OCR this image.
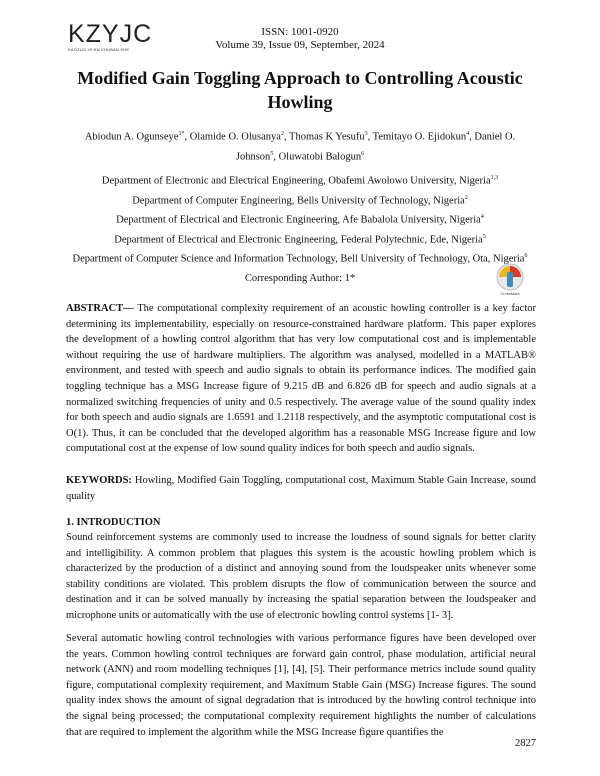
KZYJC
KAOZUO YEJIN CHUBAN SHE
ISSN: 1001-0920
Volume 39, Issue 09, September, 2024
Modified Gain Toggling Approach to Controlling Acoustic Howling
Abiodun A. Ogunseye$^{1*}$, Olamide O. Olusanya$^2$, Thomas K Yesufu$^3$, Temitayo O. Ejidokun$^4$, Daniel O. Johnson$^5$, Oluwatobi Balogun$^6$
Department of Electronic and Electrical Engineering, Obafemi Awolowo University, Nigeria$^{1,3}$
Department of Computer Engineering, Bells University of Technology, Nigeria$^2$
Department of Electrical and Electronic Engineering, Afe Babalola University, Nigeria$^4$
Department of Electrical and Electronic Engineering, Federal Polytechnic, Ede, Nigeria$^5$
Department of Computer Science and Information Technology, Bell University of Technology, Ota, Nigeria$^6$
Corresponding Author: 1*
CrossMark
ABSTRACT— The computational complexity requirement of an acoustic howling controller is a key factor determining its implementability, especially on resource-constrained hardware platform. This paper explores the development of a howling control algorithm that has very low computational cost and is implementable without requiring the use of hardware multipliers. The algorithm was analysed, modelled in a MATLAB® environment, and tested with speech and audio signals to obtain its performance indices. The modified gain toggling technique has a MSG Increase figure of 9.215 dB and 6.826 dB for speech and audio signals at a normalized switching frequencies of unity and 0.5 respectively. The average value of the sound quality index for both speech and audio signals are 1.6591 and 1.2118 respectively, and the asymptotic computational cost is O(1). Thus, it can be concluded that the developed algorithm has a reasonable MSG Increase figure and low computational cost at the expense of low sound quality indices for both speech and audio signals.
KEYWORDS: Howling, Modified Gain Toggling, computational cost, Maximum Stable Gain Increase, sound quality
1. INTRODUCTION
Sound reinforcement systems are commonly used to increase the loudness of sound signals for better clarity and intelligibility. A common problem that plagues this system is the acoustic howling problem which is characterized by the production of a distinct and annoying sound from the loudspeaker units whenever some stability conditions are violated. This problem disrupts the flow of communication between the source and destination and it can be solved manually by increasing the spatial separation between the loudspeaker and microphone units or automatically with the use of electronic howling control systems [1- 3].
Several automatic howling control technologies with various performance figures have been developed over the years. Common howling control techniques are forward gain control, phase modulation, artificial neural network (ANN) and room modelling techniques [1], [4], [5]. Their performance metrics include sound quality figure, computational complexity requirement, and Maximum Stable Gain (MSG) Increase figures. The sound quality index shows the amount of signal degradation that is introduced by the howling control technique into the signal being processed; the computational complexity requirement highlights the number of calculations that are required to implement the algorithm while the MSG Increase figure quantifies the
2827
